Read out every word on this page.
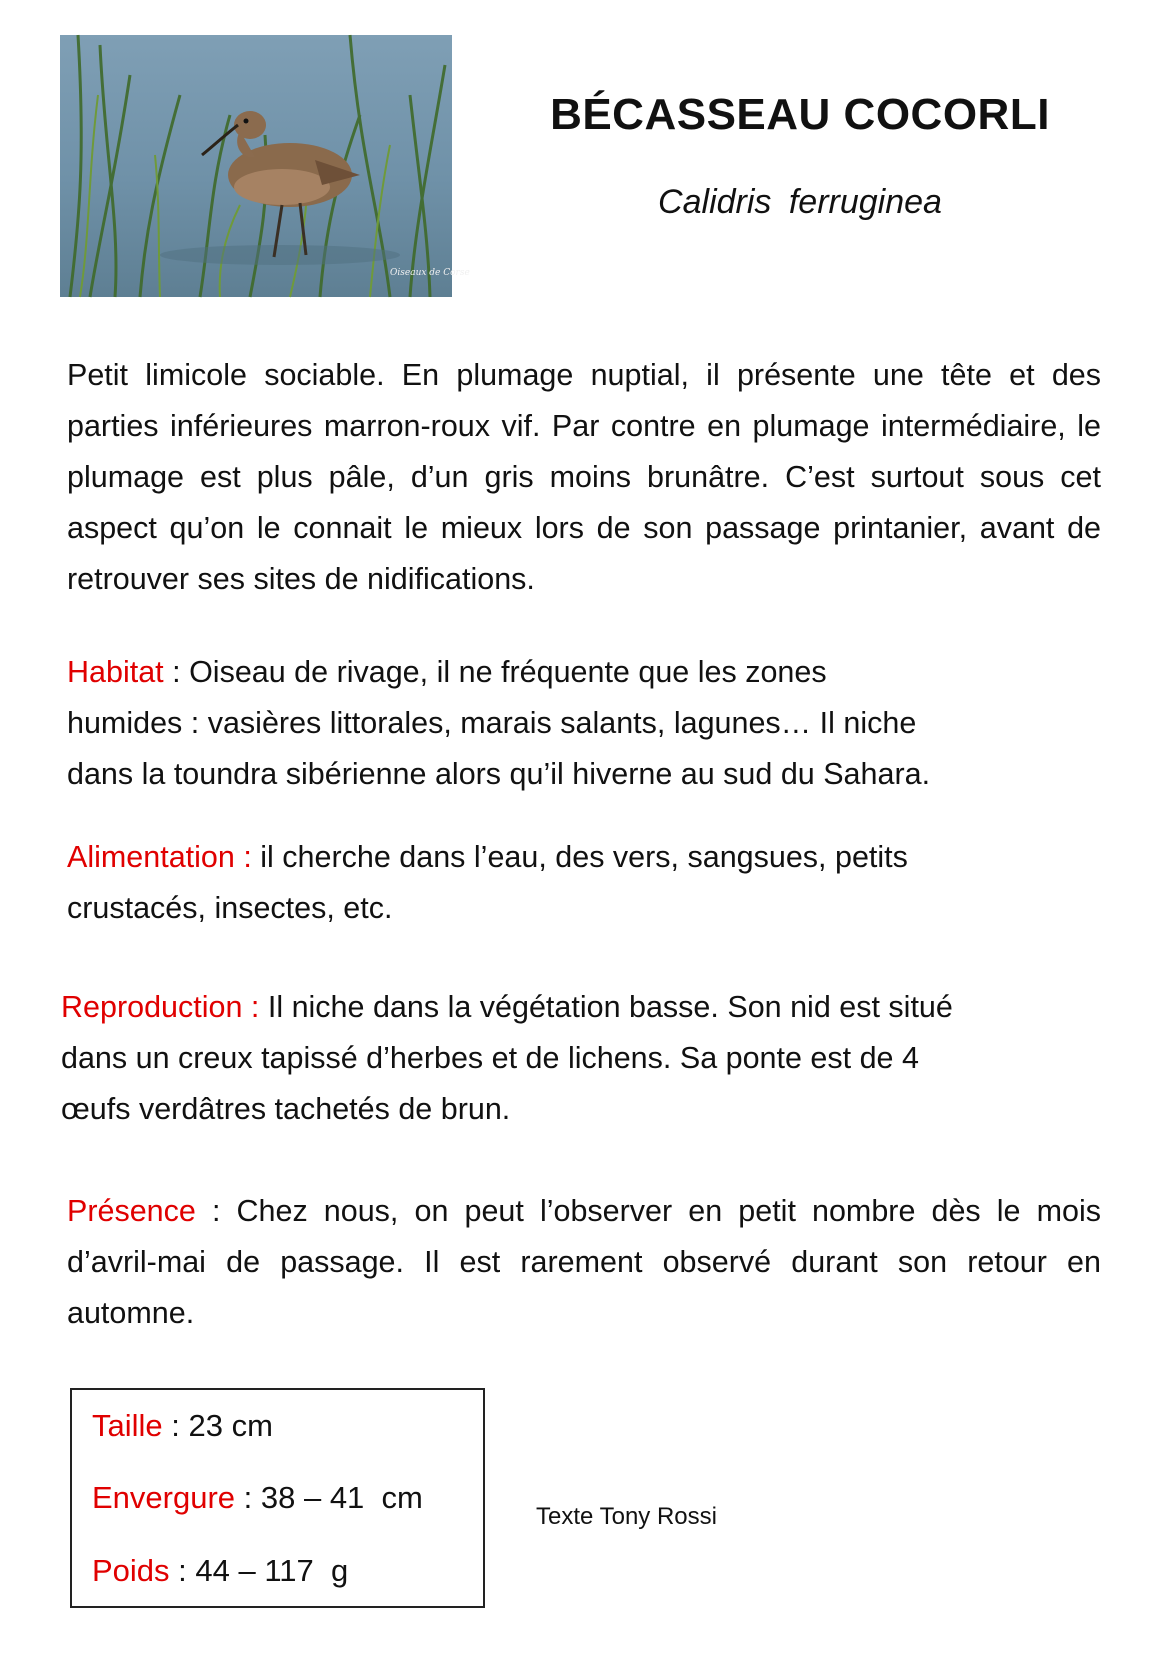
Oiseaux de Corse
BÉCASSEAU COCORLI
Calidris ferruginea

Petit limicole sociable. En plumage nuptial, il présente une tête et des parties inférieures marron-roux vif. Par contre en plumage intermédiaire, le plumage est plus pâle, d’un gris moins brunâtre. C’est surtout sous cet aspect qu’on le connait le mieux lors de son passage printanier, avant de retrouver ses sites de nidifications.

Habitat : Oiseau de rivage, il ne fréquente que les zones
humides : vasières littorales, marais salants, lagunes… Il niche
dans la toundra sibérienne alors qu’il hiverne au sud du Sahara.
Alimentation : il cherche dans l’eau, des vers, sangsues, petits
crustacés, insectes, etc.
Reproduction : Il niche dans la végétation basse. Son nid est situé
dans un creux tapissé d’herbes et de lichens. Sa ponte est de 4
œufs verdâtres tachetés de brun.

Présence : Chez nous, on peut l’observer en petit nombre dès le mois d’avril-mai de passage. Il est rarement observé durant son retour en automne.

Taille : 23 cm
Envergure : 38 – 41  cm
Poids : 44 – 117  g
Texte Tony Rossi
